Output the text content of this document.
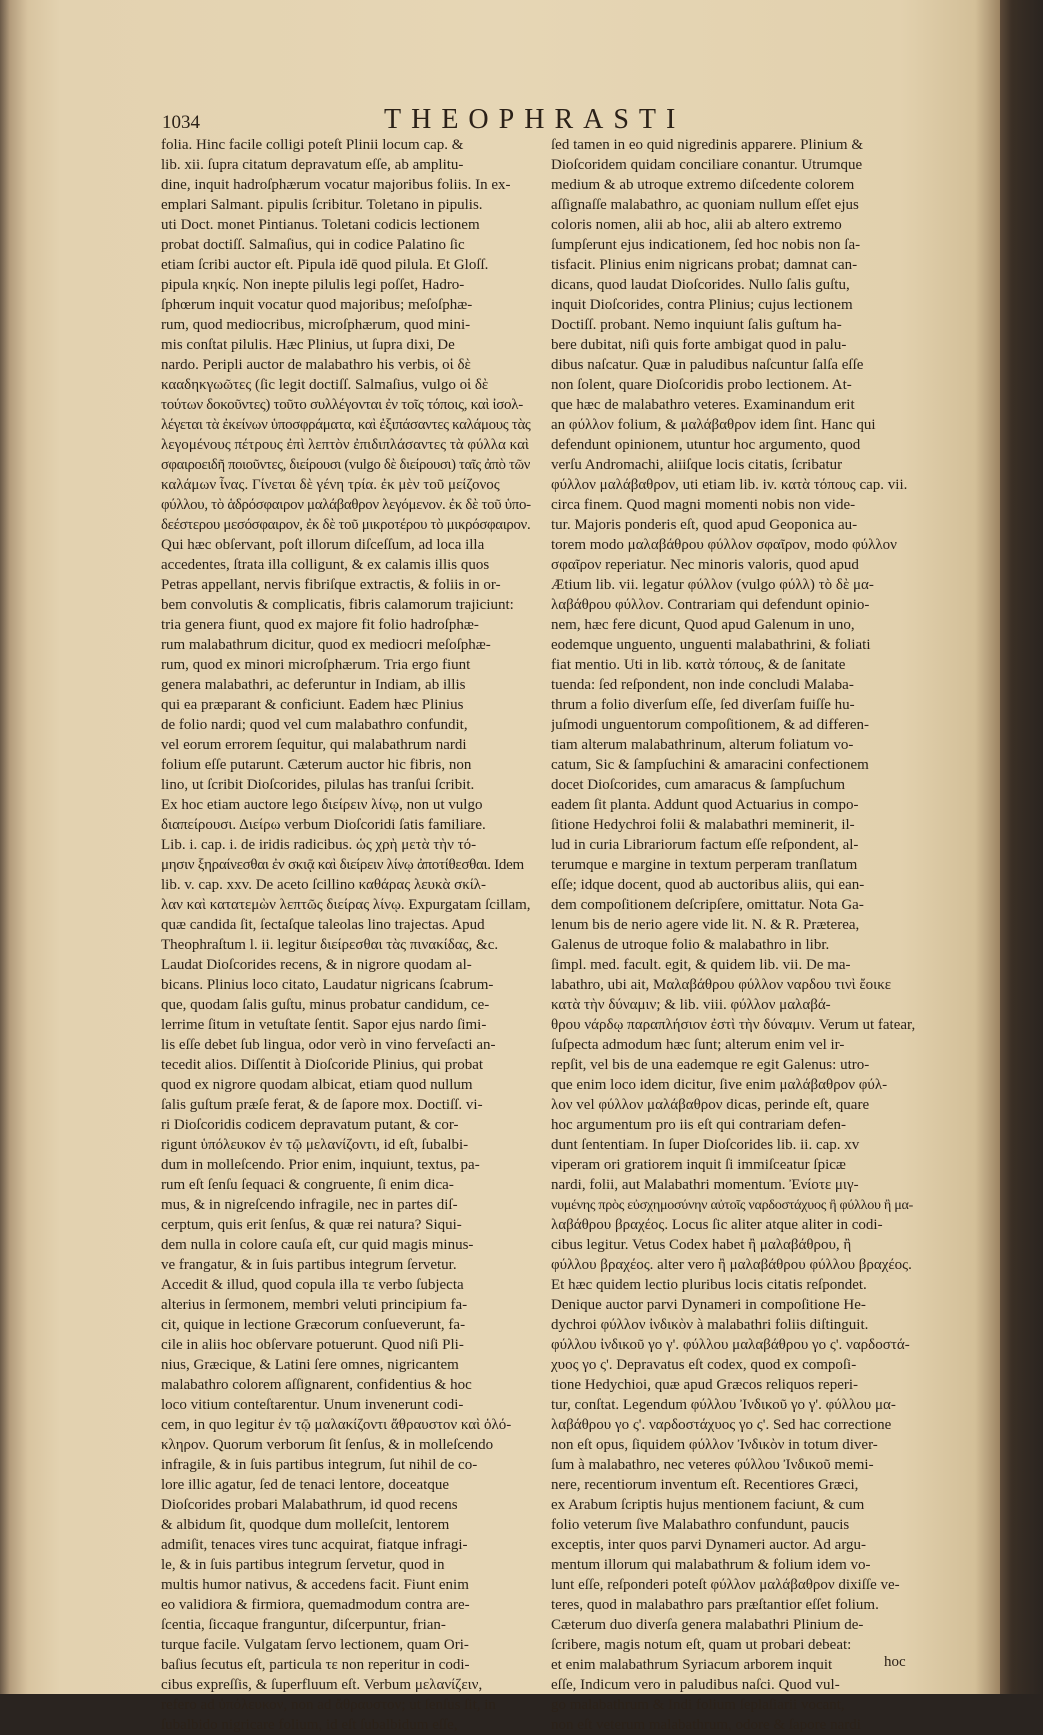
1034	THEOPHRASTI
folia. Hinc facile colligi poteſt Plinii locum cap. &
lib. xii. ſupra citatum depravatum eſſe, ab amplitu-
dine, inquit hadroſphærum vocatur majoribus foliis. In ex-
emplari Salmant. pipulis ſcribitur. Toletano in pipulis.
uti Doct. monet Pintianus. Toletani codicis lectionem
probat doctiſſ. Salmaſius, qui in codice Palatino ſic
etiam ſcribi auctor eſt. Pipula idē quod pilula. Et Gloſſ.
pipula κηκίς. Non inepte pilulis legi poſſet, Hadro-
ſphœrum inquit vocatur quod majoribus; meſoſphæ-
rum, quod mediocribus, microſphærum, quod mini-
mis conſtat pilulis. Hæc Plinius, ut ſupra dixi, De
nardo. Peripli auctor de malabathro his verbis, οἱ δὲ
κααδηκγωῶτες (ſic legit doctiſſ. Salmaſius, vulgo οἱ δὲ
τούτων δοκοῦντες) τοῦτο συλλέγονται ἐν τοῖς τόποις, καὶ ἰσολ-
λέγεται τὰ ἐκείνων ὑποσφράματα, καὶ ἐξιπάσαντες καλάμους τὰς
λεγομένους πέτρους ἐπὶ λεπτὸν ἐπιδιπλάσαντες τὰ φύλλα καὶ
σφαιροειδῆ ποιοῦντες, διείρουσι (vulgo δὲ διείρουσι) ταῖς ἀπὸ τῶν
καλάμων ἶνας. Γίνεται δὲ γένη τρία. ἐκ μὲν τοῦ μείζονος
φύλλου, τὸ ἁδρόσφαιρον μαλάβαθρον λεγόμενον. ἐκ δὲ τοῦ ὑπο-
δεέστερου μεσόσφαιρον, ἐκ δὲ τοῦ μικροτέρου τὸ μικρόσφαιρον.
Qui hæc obſervant, poſt illorum diſceſſum, ad loca illa
accedentes, ſtrata illa colligunt, & ex calamis illis quos
Petras appellant, nervis fibriſque extractis, & foliis in or-
bem convolutis & complicatis, fibris calamorum trajiciunt:
tria genera fiunt, quod ex majore fit folio hadroſphæ-
rum malabathrum dicitur, quod ex mediocri meſoſphæ-
rum, quod ex minori microſphærum. Tria ergo fiunt
genera malabathri, ac deferuntur in Indiam, ab illis
qui ea præparant & conficiunt. Eadem hæc Plinius
de folio nardi; quod vel cum malabathro confundit,
vel eorum errorem ſequitur, qui malabathrum nardi
folium eſſe putarunt. Cæterum auctor hic fibris, non
lino, ut ſcribit Dioſcorides, pilulas has tranſui ſcribit.
Ex hoc etiam auctore lego διείρειν λίνῳ, non ut vulgo
διαπείρουσι. Διείρω verbum Dioſcoridi ſatis familiare.
Lib. i. cap. i. de iridis radicibus. ὡς χρὴ μετὰ τὴν τό-
μησιν ξηραίνεσθαι ἐν σκιᾷ καὶ διείρειν λίνῳ ἀποτίθεσθαι. Idem
lib. v. cap. xxv. De aceto ſcillino καθάρας λευκὰ σκίλ-
λαν καὶ κατατεμὼν λεπτῶς διείρας λίνῳ. Expurgatam ſcillam,
quæ candida ſit, ſectaſque taleolas lino trajectas. Apud
Theophraſtum l. ii. legitur διείρεσθαι τὰς πινακίδας, &c.
Laudat Dioſcorides recens, & in nigrore quodam al-
bicans. Plinius loco citato, Laudatur nigricans ſcabrum-
que, quodam ſalis guſtu, minus probatur candidum, ce-
lerrime ſitum in vetuſtate ſentit. Sapor ejus nardo ſimi-
lis eſſe debet ſub lingua, odor verò in vino ferveſacti an-
tecedit alios. Diſſentit à Dioſcoride Plinius, qui probat
quod ex nigrore quodam albicat, etiam quod nullum
ſalis guſtum præſe ferat, & de ſapore mox. Doctiſſ. vi-
ri Dioſcoridis codicem depravatum putant, & cor-
rigunt ὑπόλευκον ἐν τῷ μελανίζοντι, id eſt, ſubalbi-
dum in molleſcendo. Prior enim, inquiunt, textus, pa-
rum eſt ſenſu ſequaci & congruente, ſi enim dica-
mus, & in nigreſcendo infragile, nec in partes diſ-
cerptum, quis erit ſenſus, & quæ rei natura? Siqui-
dem nulla in colore cauſa eſt, cur quid magis minus-
ve frangatur, & in ſuis partibus integrum ſervetur.
Accedit & illud, quod copula illa τε verbo ſubjecta
alterius in ſermonem, membri veluti principium fa-
cit, quique in lectione Græcorum conſueverunt, fa-
cile in aliis hoc obſervare potuerunt. Quod niſi Pli-
nius, Græcique, & Latini ſere omnes, nigricantem
malabathro colorem aſſignarent, confidentius & hoc
loco vitium conteſtarentur. Unum invenerunt codi-
cem, in quo legitur ἐν τῷ μαλακίζοντι ἄθραυστον καὶ ὁλό-
κληρον. Quorum verborum ſit ſenſus, & in molleſcendo
infragile, & in ſuis partibus integrum, ſut nihil de co-
lore illic agatur, ſed de tenaci lentore, doceatque
Dioſcorides probari Malabathrum, id quod recens
& albidum ſit, quodque dum molleſcit, lentorem
admiſit, tenaces vires tunc acquirat, fiatque infragi-
le, & in ſuis partibus integrum ſervetur, quod in
multis humor nativus, & accedens facit. Fiunt enim
eo validiora & firmiora, quemadmodum contra are-
ſcentia, ſiccaque franguntur, diſcerpuntur, frian-
turque facile. Vulgatam ſervo lectionem, quam Ori-
baſius ſecutus eſt, particula τε non reperitur in codi-
cibus expreſſis, & ſuperfluum eſt. Verbum μελανίζειν,
refero ad ὑπόλευκον, non ad ἄθραυστον; ut ſenſus ſit, in
ſubalbido nigricare folium, id eſt ſubalbidum eſſe,
ſed tamen in eo quid nigredinis apparere. Plinium &
Dioſcoridem quidam conciliare conantur. Utrumque
medium & ab utroque extremo diſcedente colorem
aſſignaſſe malabathro, ac quoniam nullum eſſet ejus
coloris nomen, alii ab hoc, alii ab altero extremo
ſumpſerunt ejus indicationem, ſed hoc nobis non ſa-
tisfacit. Plinius enim nigricans probat; damnat can-
dicans, quod laudat Dioſcorides. Nullo ſalis guſtu,
inquit Dioſcorides, contra Plinius; cujus lectionem
Doctiſſ. probant. Nemo inquiunt ſalis guſtum ha-
bere dubitat, niſi quis forte ambigat quod in palu-
dibus naſcatur. Quæ in paludibus naſcuntur ſalſa eſſe
non ſolent, quare Dioſcoridis probo lectionem. At-
que hæc de malabathro veteres. Examinandum erit
an φύλλον folium, & μαλάβαθρον idem ſint. Hanc qui
defendunt opinionem, utuntur hoc argumento, quod
verſu Andromachi, aliiſque locis citatis, ſcribatur
φύλλον μαλάβαθρον, uti etiam lib. iv. κατὰ τόπους cap. vii.
circa finem. Quod magni momenti nobis non vide-
tur. Majoris ponderis eſt, quod apud Geoponica au-
torem modo μαλαβάθρου φύλλον σφαῖρον, modo φύλλον
σφαῖρον reperiatur. Nec minoris valoris, quod apud
Ætium lib. vii. legatur φύλλον (vulgo φύλλ) τὸ δὲ μα-
λαβάθρου φύλλον. Contrariam qui defendunt opinio-
nem, hæc fere dicunt, Quod apud Galenum in uno,
eodemque unguento, unguenti malabathrini, & foliati
fiat mentio. Uti in lib. κατὰ τόπους, & de ſanitate
tuenda: ſed reſpondent, non inde concludi Malaba-
thrum a folio diverſum eſſe, ſed diverſam fuiſſe hu-
juſmodi unguentorum compoſitionem, & ad differen-
tiam alterum malabathrinum, alterum foliatum vo-
catum, Sic & ſampſuchini & amaracini confectionem
docet Dioſcorides, cum amaracus & ſampſuchum
eadem ſit planta. Addunt quod Actuarius in compo-
ſitione Hedychroi folii & malabathri meminerit, il-
lud in curia Librariorum factum eſſe reſpondent, al-
terumque e margine in textum perperam tranſlatum
eſſe; idque docent, quod ab auctoribus aliis, qui ean-
dem compoſitionem deſcripſere, omittatur. Nota Ga-
lenum bis de nerio agere vide lit. N. & R. Præterea,
Galenus de utroque folio & malabathro in libr.
ſimpl. med. facult. egit, & quidem lib. vii. De ma-
labathro, ubi ait, Μαλαβάθρου φύλλον ναρδου τινὶ ἔοικε
κατὰ τὴν δύναμιν; & lib. viii. φύλλον μαλαβά-
θρου νάρδῳ παραπλήσιον ἐστὶ τὴν δύναμιν. Verum ut fatear,
ſuſpecta admodum hæc ſunt; alterum enim vel ir-
repſit, vel bis de una eademque re egit Galenus: utro-
que enim loco idem dicitur, ſive enim μαλάβαθρον φύλ-
λον vel φύλλον μαλάβαθρον dicas, perinde eſt, quare
hoc argumentum pro iis eſt qui contrariam defen-
dunt ſententiam. In ſuper Dioſcorides lib. ii. cap. xv
viperam ori gratiorem inquit ſi immiſceatur ſpicæ
nardi, folii, aut Malabathri momentum. Ἐνίοτε μιγ-
νυμένης πρὸς εὐσχημοσύνην αὐτοῖς ναρδοστάχυος ἢ φύλλου ἢ μα-
λαβάθρου βραχέος. Locus ſic aliter atque aliter in codi-
cibus legitur. Vetus Codex habet ἢ μαλαβάθρου, ἢ
φύλλου βραχέος. alter vero ἢ μαλαβάθρου φύλλου βραχέος.
Et hæc quidem lectio pluribus locis citatis reſpondet.
Denique auctor parvi Dynameri in compoſitione He-
dychroi φύλλον ἰνδικὸν à malabathri foliis diſtinguit.
φύλλου ἰνδικοῦ γο γ'. φύλλου μαλαβάθρου γο ς'. ναρδοστά-
χυος γο ς'. Depravatus eſt codex, quod ex compoſi-
tione Hedychioi, quæ apud Græcos reliquos reperi-
tur, conſtat. Legendum φύλλου Ἰνδικοῦ γο γ'. φύλλου μα-
λαβάθρου γο ς'. ναρδοστάχυος γο ς'. Sed hac correctione
non eſt opus, ſiquidem φύλλον Ἰνδικὸν in totum diver-
ſum à malabathro, nec veteres φύλλου Ἰνδικοῦ memi-
nere, recentiorum inventum eſt. Recentiores Græci,
ex Arabum ſcriptis hujus mentionem faciunt, & cum
folio veterum ſive Malabathro confundunt, paucis
exceptis, inter quos parvi Dynameri auctor. Ad argu-
mentum illorum qui malabathrum & folium idem vo-
lunt eſſe, reſponderi poteſt φύλλον μαλάβαθρον dixiſſe ve-
teres, quod in malabathro pars præſtantior eſſet folium.
Cæterum duo diverſa genera malabathri Plinium de-
ſcribere, magis notum eſt, quam ut probari debeat:
et enim malabathrum Syriacum arborem inquit
eſſe, Indicum vero in paludibus naſci. Quod vul-
go malabathrum & Indi folium ſeplaſiarii vocant,
non eſt veterum malabathrum, odore & ſapore nardi
hoc
